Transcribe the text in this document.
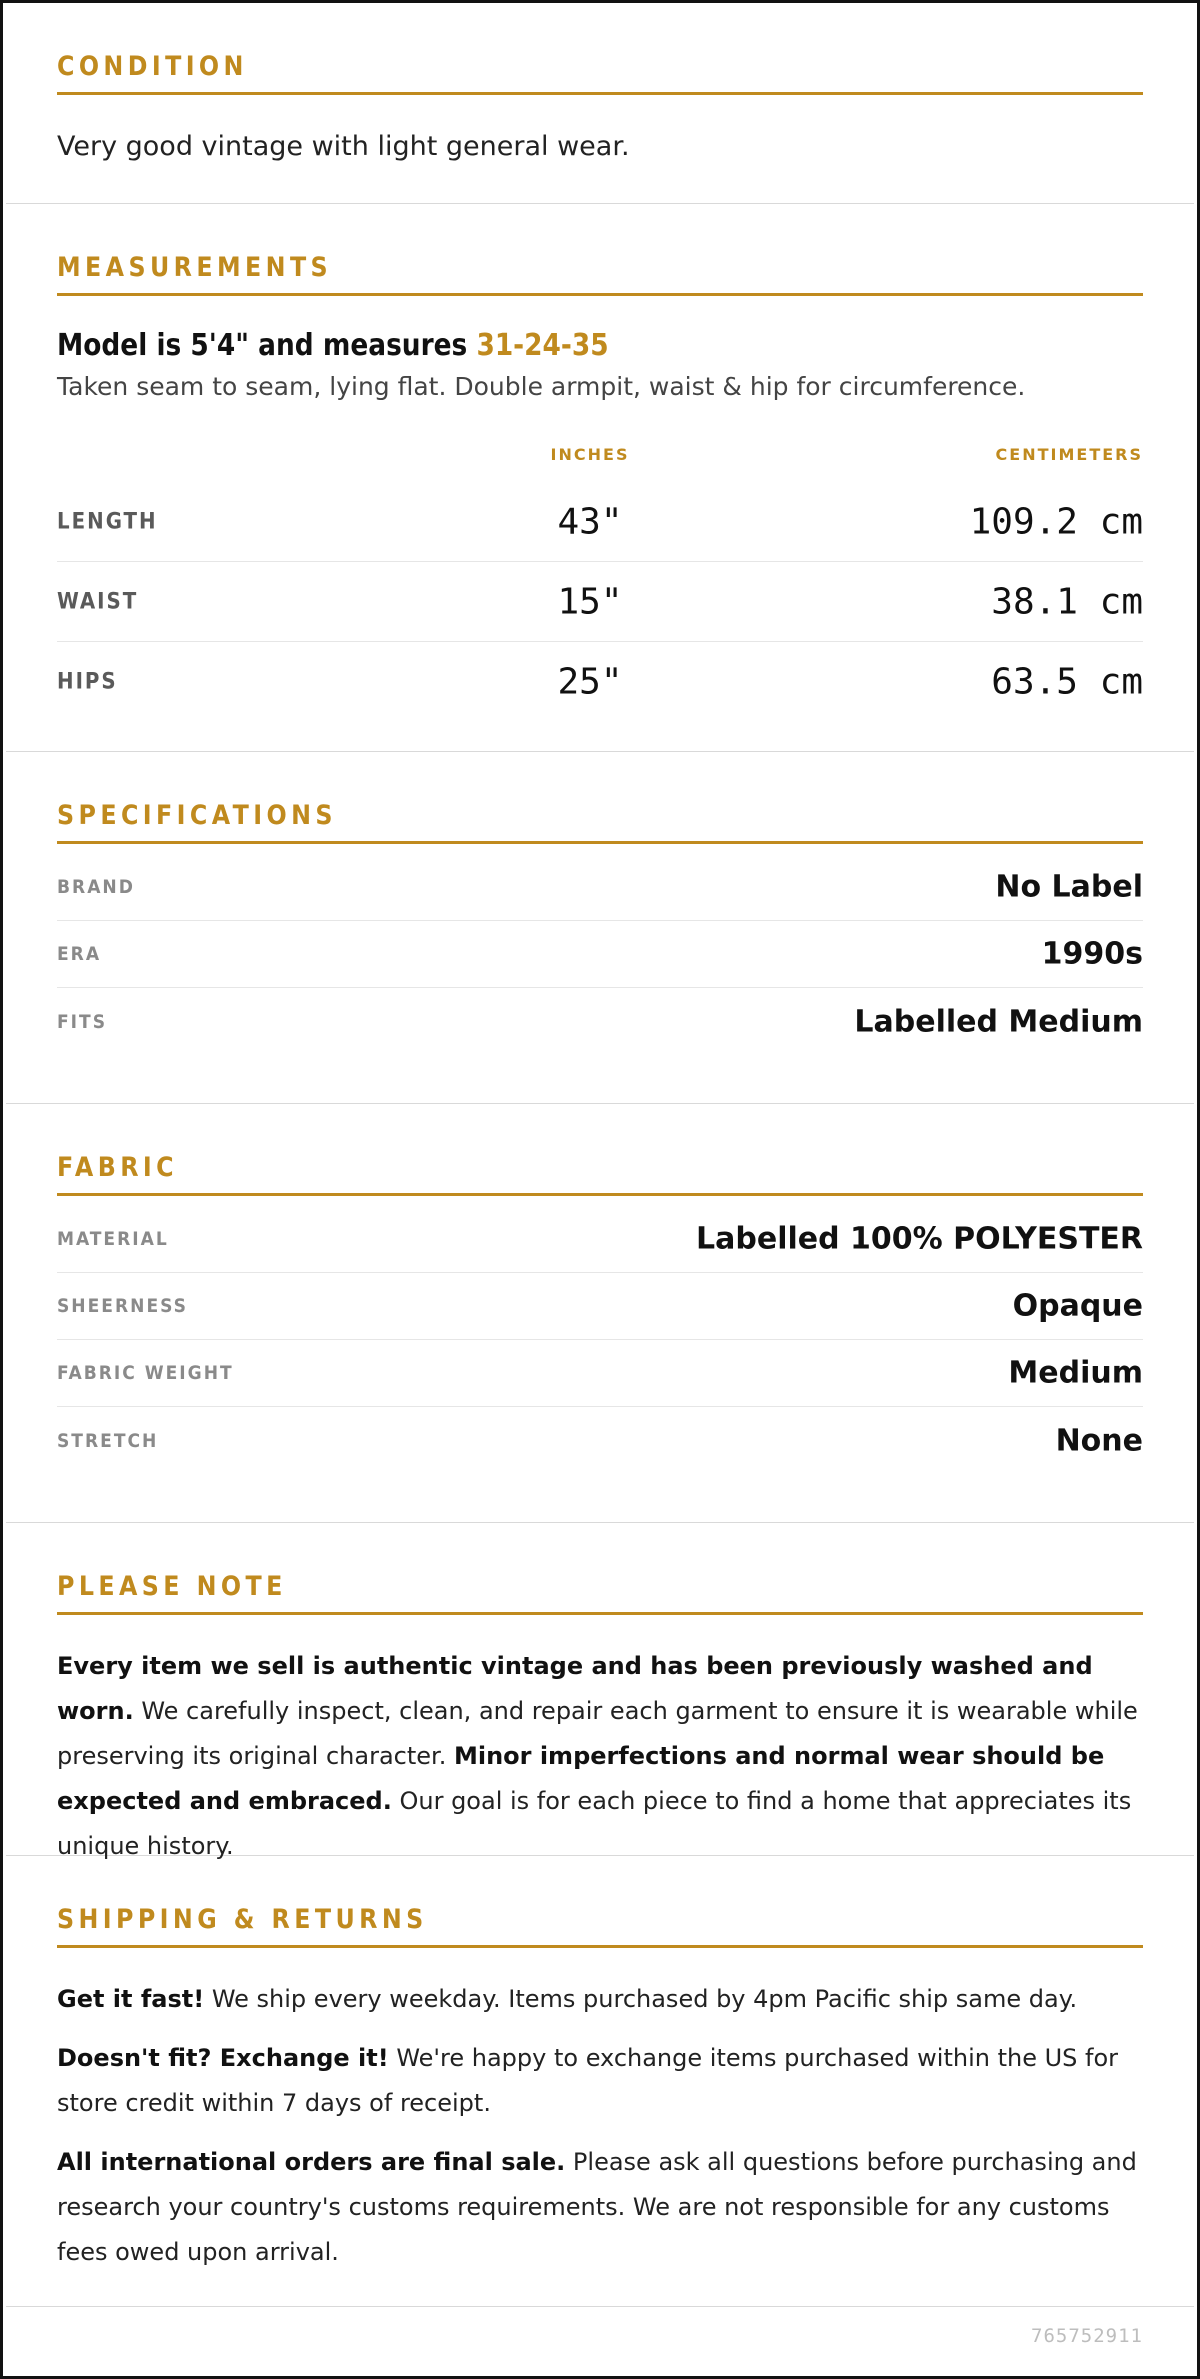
CONDITION
Very good vintage with light general wear.
MEASUREMENTS
Model is 5'4" and measures 31-24-35
Taken seam to seam, lying flat. Double armpit, waist & hip for circumference.
INCHES	CENTIMETERS
LENGTH	43"	109.2 cm
WAIST	15"	38.1 cm
HIPS	25"	63.5 cm
SPECIFICATIONS
BRAND	No Label
ERA	1990s
FITS	Labelled Medium
FABRIC
MATERIAL	Labelled 100% POLYESTER
SHEERNESS	Opaque
FABRIC WEIGHT	Medium
STRETCH	None
PLEASE NOTE
Every item we sell is authentic vintage and has been previously washed and worn. We carefully inspect, clean, and repair each garment to ensure it is wearable while preserving its original character. Minor imperfections and normal wear should be expected and embraced. Our goal is for each piece to find a home that appreciates its unique history.
SHIPPING & RETURNS
Get it fast! We ship every weekday. Items purchased by 4pm Pacific ship same day.
Doesn't fit? Exchange it! We're happy to exchange items purchased within the US for store credit within 7 days of receipt.
All international orders are final sale. Please ask all questions before purchasing and research your country's customs requirements. We are not responsible for any customs fees owed upon arrival.
765752911
